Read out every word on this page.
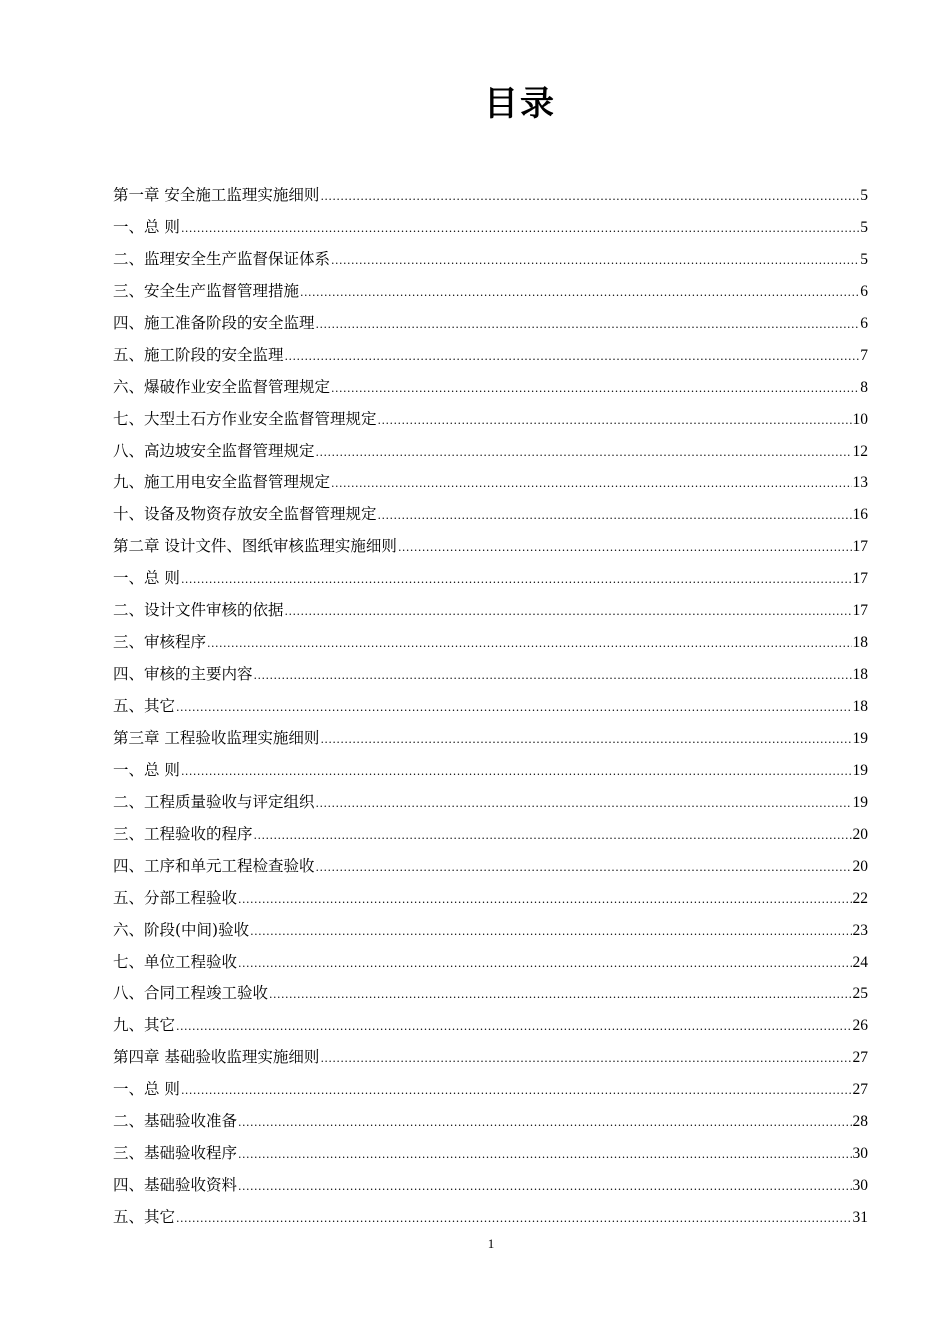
目录
第一章 安全施工监理实施细则 .....	5
一、总 则 .....	5
二、监理安全生产监督保证体系 .....	5
三、安全生产监督管理措施 .....	6
四、施工准备阶段的安全监理 .....	6
五、施工阶段的安全监理 .....	7
六、爆破作业安全监督管理规定 .....	8
七、大型土石方作业安全监督管理规定 .....	10
八、高边坡安全监督管理规定 .....	12
九、施工用电安全监督管理规定 .....	13
十、设备及物资存放安全监督管理规定 .....	16
第二章 设计文件、图纸审核监理实施细则 .....	17
一、总 则 .....	17
二、设计文件审核的依据 .....	17
三、审核程序 .....	18
四、审核的主要内容 .....	18
五、其它 .....	18
第三章 工程验收监理实施细则 .....	19
一、总 则 .....	19
二、工程质量验收与评定组织 .....	19
三、工程验收的程序 .....	20
四、工序和单元工程检查验收 .....	20
五、分部工程验收 .....	22
六、阶段(中间)验收 .....	23
七、单位工程验收 .....	24
八、合同工程竣工验收 .....	25
九、其它 .....	26
第四章 基础验收监理实施细则 .....	27
一、总 则 .....	27
二、基础验收准备 .....	28
三、基础验收程序 .....	30
四、基础验收资料 .....	30
五、其它 .....	31
1
